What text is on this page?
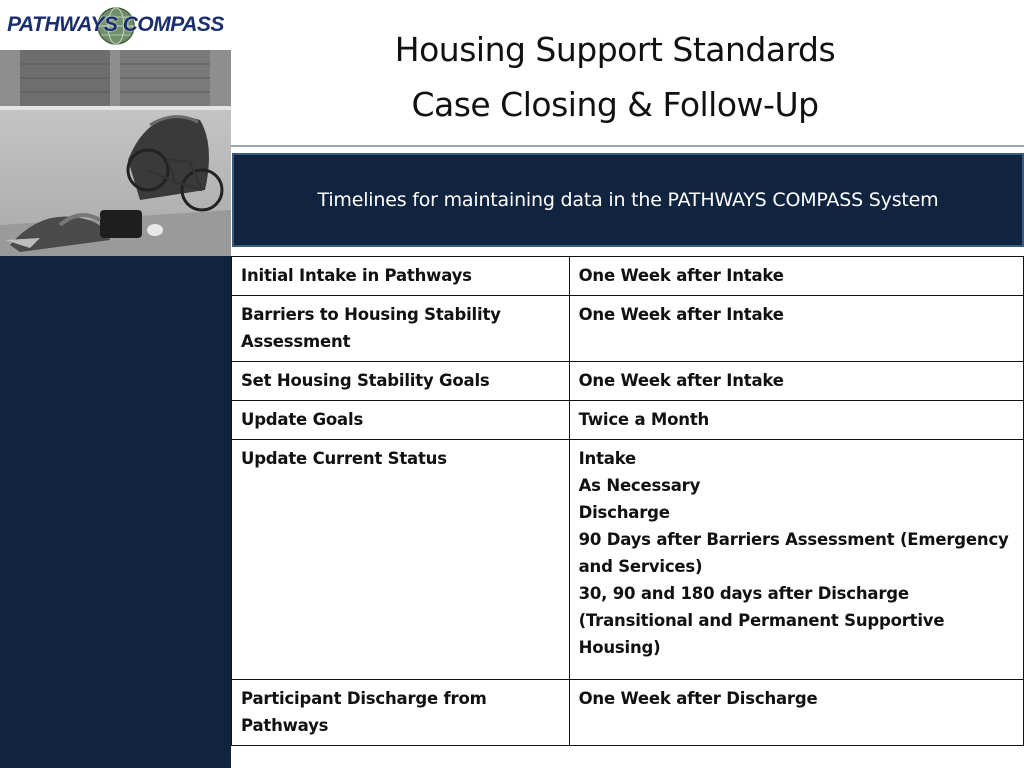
PATHWAYS COMPASS
Housing Support Standards
Case Closing & Follow-Up
Timelines for maintaining data in the PATHWAYS COMPASS System
Initial Intake in Pathways	One Week after Intake

Barriers to Housing Stability Assessment	One Week after Intake

Set Housing Stability Goals	One Week after Intake

Update Goals	Twice a Month

Update Current Status	Intake
As Necessary
Discharge
90 Days after Barriers Assessment (Emergency and Services)
30, 90 and 180 days after Discharge (Transitional and Permanent Supportive Housing)

Participant Discharge from Pathways	One Week after Discharge
